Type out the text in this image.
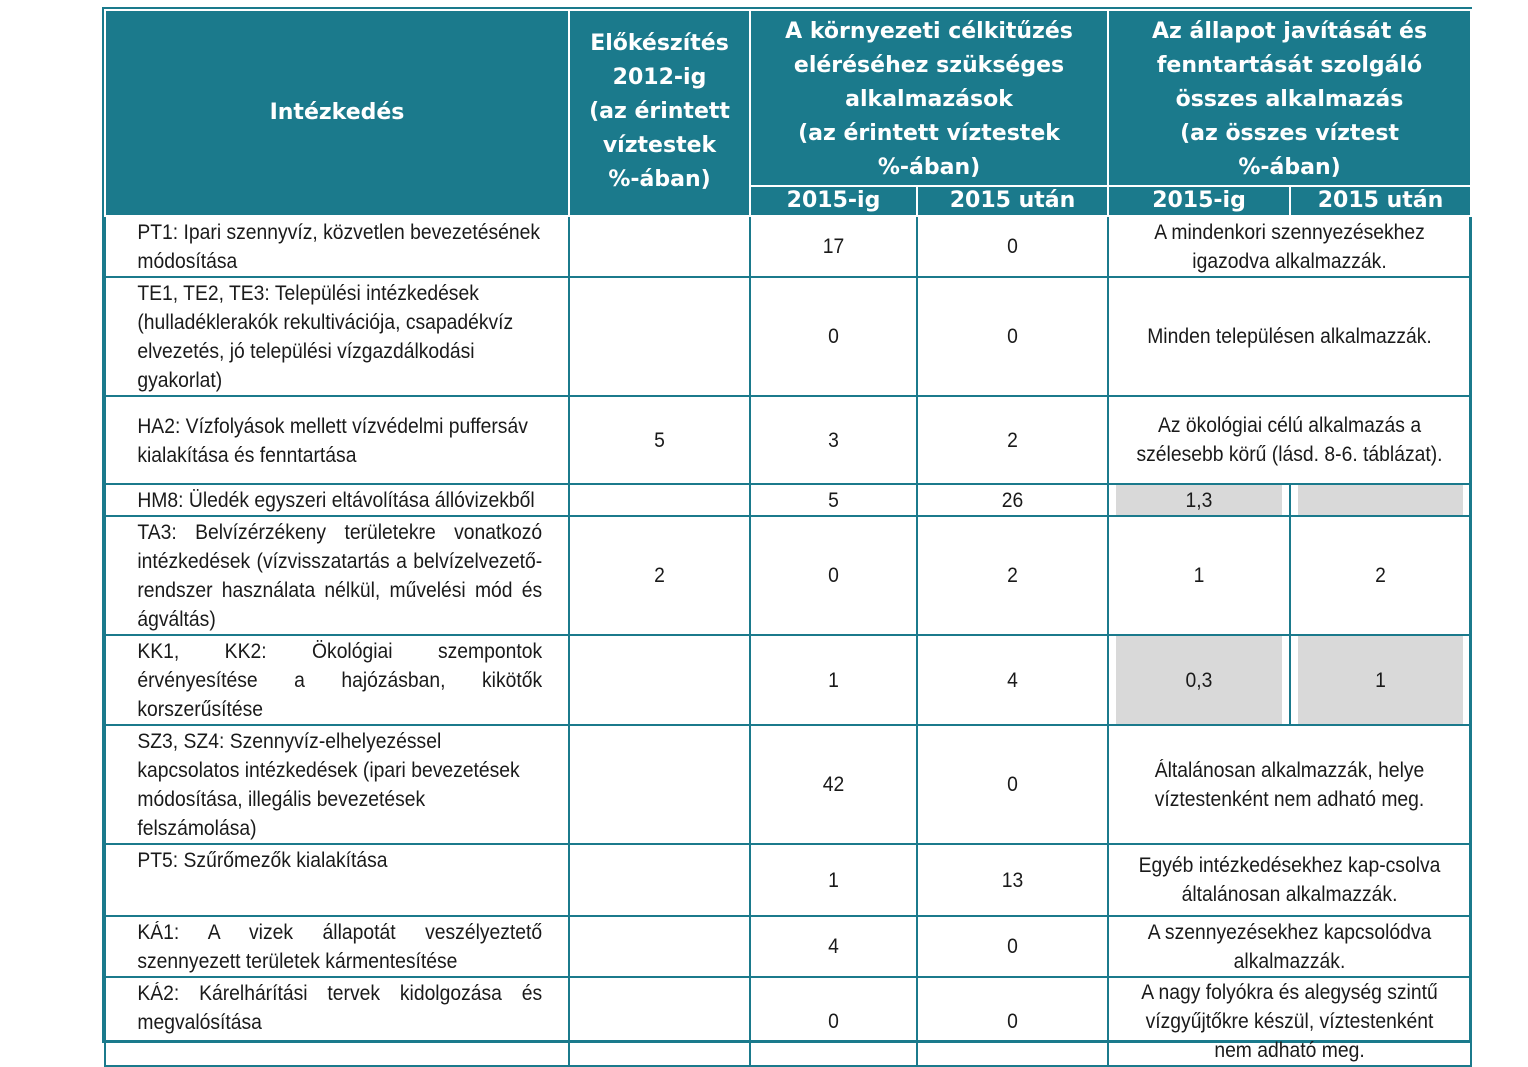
Intézkedés	Előkészítés
2012-ig
(az érintett
víztestek
%-ában)	A környezeti célkitűzés
eléréséhez szükséges
alkalmazások
(az érintett víztestek
%-ában)		Az állapot javítását és
fenntartását szolgáló
összes alkalmazás
(az összes víztest
%-ában)	
		2015-ig	2015 után	2015-ig	2015 után
PT1: Ipari szennyvíz, közvetlen bevezetésének módosítása		17	0	A mindenkori szennyezésekhez igazodva alkalmazzák.	
TE1, TE2, TE3: Települési intézkedések (hulladéklerakók rekultivációja, csapadékvíz elvezetés, jó települési vízgazdálkodási gyakorlat)		0	0	Minden településen alkalmazzák.	
HA2: Vízfolyások mellett vízvédelmi puffersáv kialakítása és fenntartása	5	3	2	Az ökológiai célú alkalmazás a szélesebb körű (lásd. 8-6. táblázat).	
HM8: Üledék egyszeri eltávolítása állóvizekből		5	26	1,3	
TA3: Belvízérzékeny területekre vonatkozó intézkedések (vízvisszatartás a belvízelvezető-rendszer használata nélkül, művelési mód és ágváltás)	2	0	2	1	2
KK1, KK2: Ökológiai szempontok érvényesítése a hajózásban, kikötők korszerűsítése		1	4	0,3	1
SZ3, SZ4: Szennyvíz-elhelyezéssel kapcsolatos intézkedések (ipari bevezetések módosítása, illegális bevezetések felszámolása)		42	0	Általánosan alkalmazzák, helye víztestenként nem adható meg.	
PT5: Szűrőmezők kialakítása		1	13	Egyéb intézkedésekhez kap-csolva általánosan alkalmazzák.	
KÁ1: A vizek állapotát veszélyeztető szennyezett területek kármentesítése		4	0	A szennyezésekhez kapcsolódva alkalmazzák.	
KÁ2: Kárelhárítási tervek kidolgozása és megvalósítása		0	0	A nagy folyókra és alegység szintű vízgyűjtőkre készül, víztestenként nem adható meg.	
